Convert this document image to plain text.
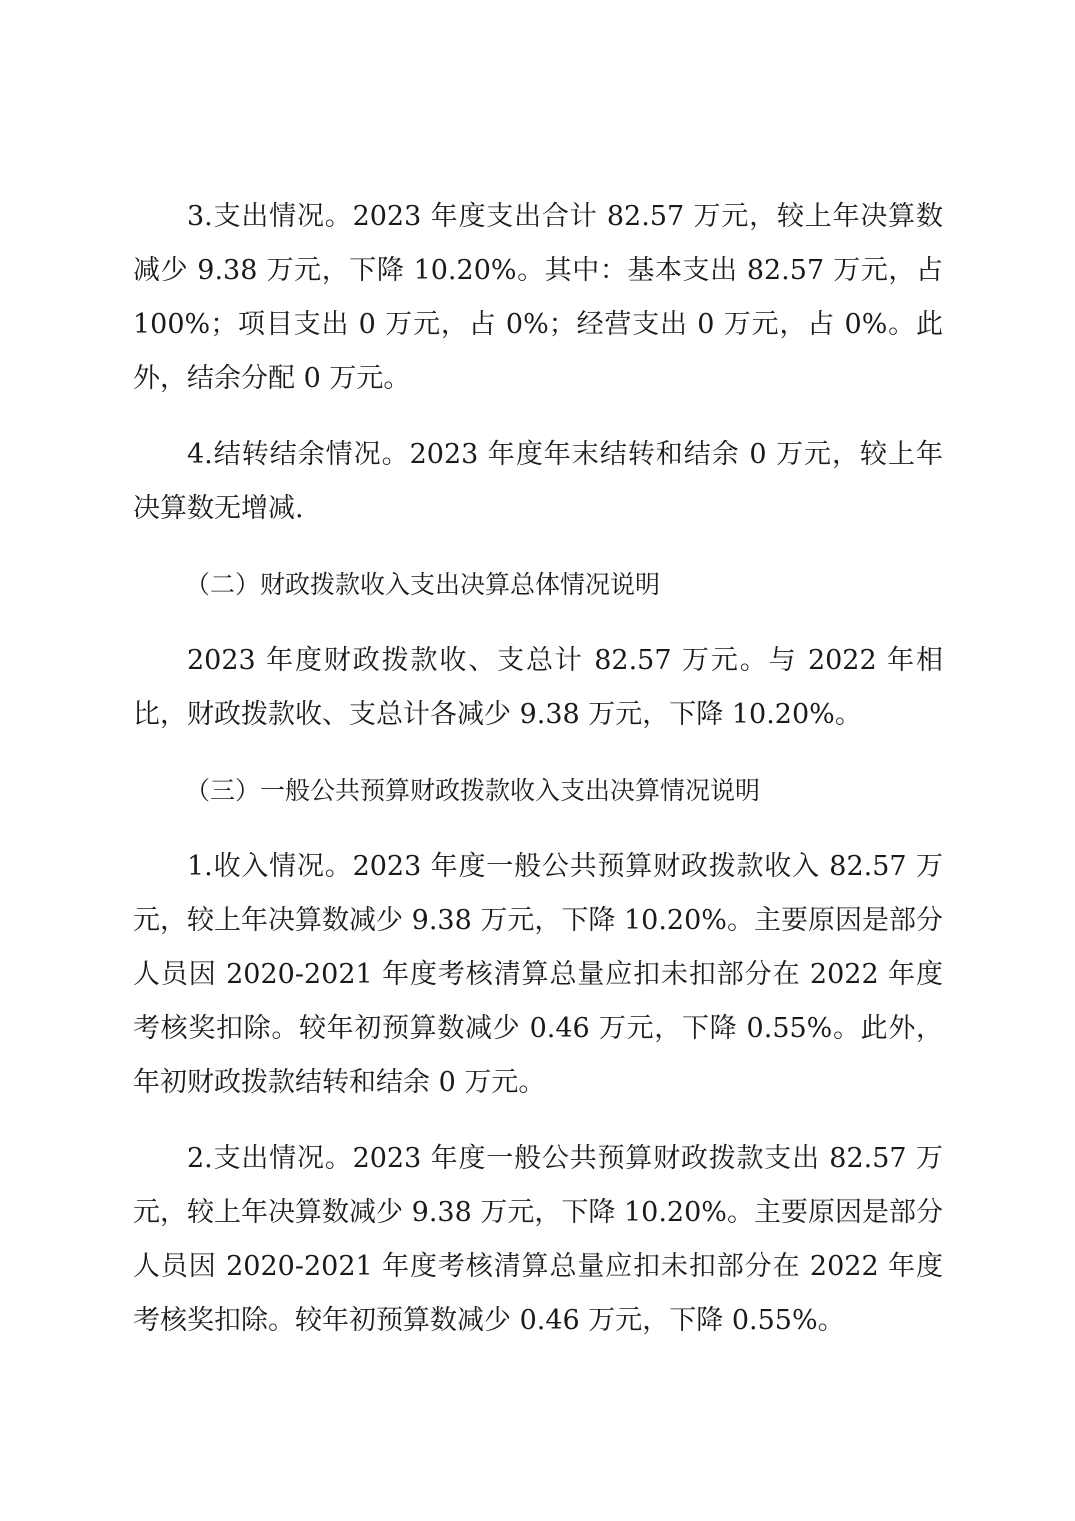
3.支出情况。2023 年度支出合计 82.57 万元，较上年决算数减少 9.38 万元，下降 10.20%。其中：基本支出 82.57 万元，占 100%；项目支出 0 万元，占 0%；经营支出 0 万元，占 0%。此外，结余分配 0 万元。

4.结转结余情况。2023 年度年末结转和结余 0 万元，较上年决算数无增减.

（二）财政拨款收入支出决算总体情况说明

2023 年度财政拨款收、支总计 82.57 万元。与 2022 年相比，财政拨款收、支总计各减少 9.38 万元，下降 10.20%。

（三）一般公共预算财政拨款收入支出决算情况说明

1.收入情况。2023 年度一般公共预算财政拨款收入 82.57 万元，较上年决算数减少 9.38 万元，下降 10.20%。主要原因是部分人员因 2020-2021 年度考核清算总量应扣未扣部分在 2022 年度考核奖扣除。较年初预算数减少 0.46 万元，下降 0.55%。此外，年初财政拨款结转和结余 0 万元。

2.支出情况。2023 年度一般公共预算财政拨款支出 82.57 万元，较上年决算数减少 9.38 万元，下降 10.20%。主要原因是部分人员因 2020-2021 年度考核清算总量应扣未扣部分在 2022 年度考核奖扣除。较年初预算数减少 0.46 万元，下降 0.55%。
